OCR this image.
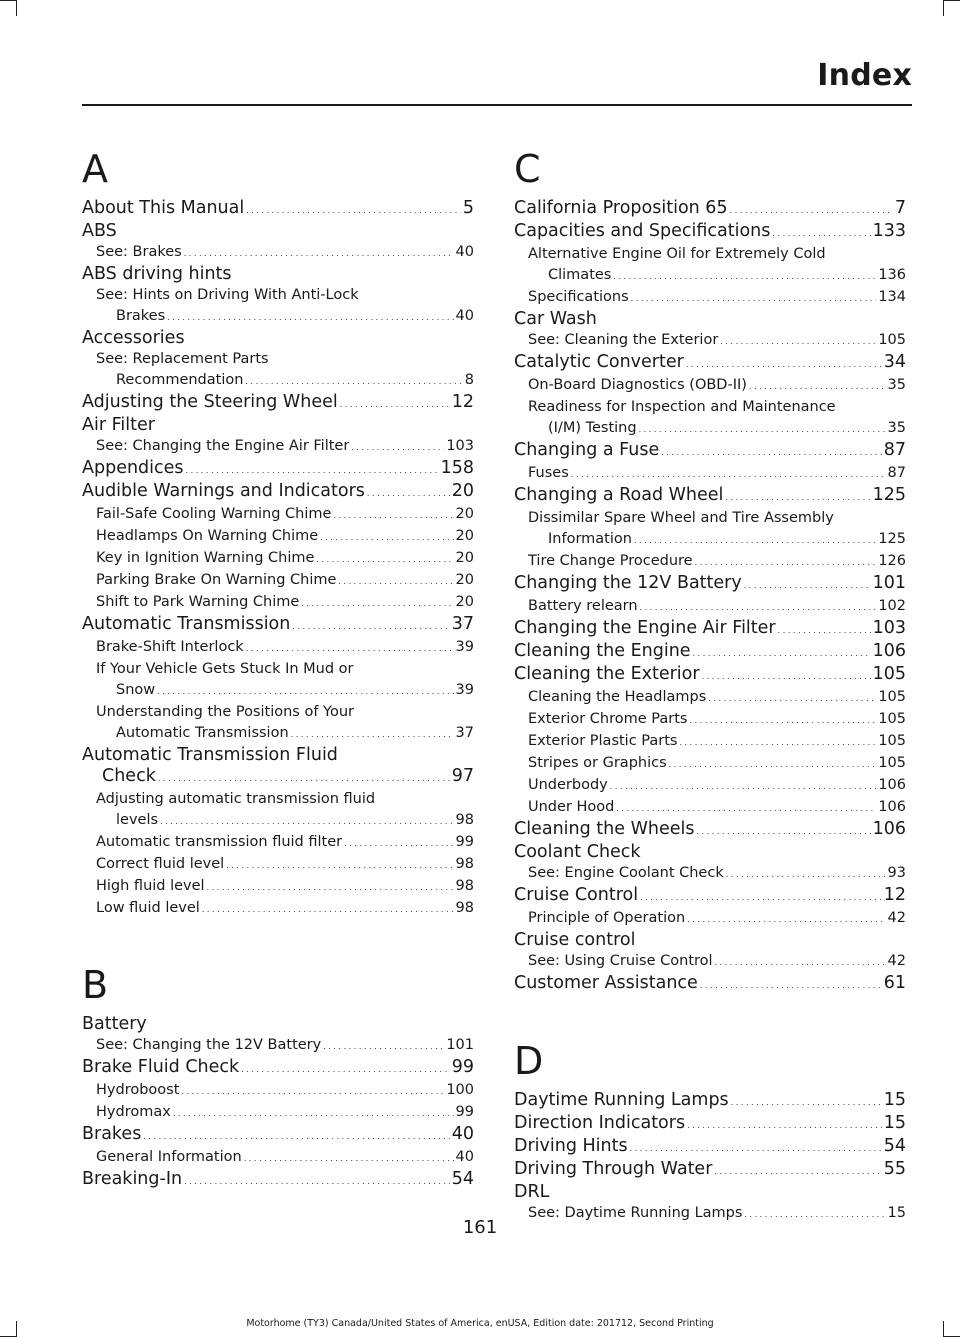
Index
A
About This Manual . . .	5
ABS
See: Brakes . . .	40
ABS driving hints
See: Hints on Driving With Anti-Lock
Brakes . . .	40
Accessories
See: Replacement Parts
Recommendation . . .	8
Adjusting the Steering Wheel . . .	12
Air Filter
See: Changing the Engine Air Filter . . .	103
Appendices . . .	158
Audible Warnings and Indicators . . .	20
Fail-Safe Cooling Warning Chime . . .	20
Headlamps On Warning Chime . . .	20
Key in Ignition Warning Chime . . .	20
Parking Brake On Warning Chime . . .	20
Shift to Park Warning Chime . . .	20
Automatic Transmission . . .	37
Brake-Shift Interlock . . .	39
If Your Vehicle Gets Stuck In Mud or
Snow . . .	39
Understanding the Positions of Your
Automatic Transmission . . .	37
Automatic Transmission Fluid
Check . . .	97
Adjusting automatic transmission fluid
levels . . .	98
Automatic transmission fluid filter . . .	99
Correct fluid level . . .	98
High fluid level . . .	98
Low fluid level . . .	98
B
Battery
See: Changing the 12V Battery . . .	101
Brake Fluid Check . . .	99
Hydroboost . . .	100
Hydromax . . .	99
Brakes . . .	40
General Information . . .	40
Breaking-In . . .	54
C
California Proposition 65 . . .	7
Capacities and Specifications . . .	133
Alternative Engine Oil for Extremely Cold
Climates . . .	136
Specifications . . .	134
Car Wash
See: Cleaning the Exterior . . .	105
Catalytic Converter . . .	34
On-Board Diagnostics (OBD-II) . . .	35
Readiness for Inspection and Maintenance
(I/M) Testing . . .	35
Changing a Fuse . . .	87
Fuses . . .	87
Changing a Road Wheel . . .	125
Dissimilar Spare Wheel and Tire Assembly
Information . . .	125
Tire Change Procedure . . .	126
Changing the 12V Battery . . .	101
Battery relearn . . .	102
Changing the Engine Air Filter . . .	103
Cleaning the Engine . . .	106
Cleaning the Exterior . . .	105
Cleaning the Headlamps . . .	105
Exterior Chrome Parts . . .	105
Exterior Plastic Parts . . .	105
Stripes or Graphics . . .	105
Underbody . . .	106
Under Hood . . .	106
Cleaning the Wheels . . .	106
Coolant Check
See: Engine Coolant Check . . .	93
Cruise Control . . .	12
Principle of Operation . . .	42
Cruise control
See: Using Cruise Control . . .	42
Customer Assistance . . .	61
D
Daytime Running Lamps . . .	15
Direction Indicators . . .	15
Driving Hints . . .	54
Driving Through Water . . .	55
DRL
See: Daytime Running Lamps . . .	15
161
Motorhome (TY3) Canada/United States of America, enUSA, Edition date: 201712, Second Printing
